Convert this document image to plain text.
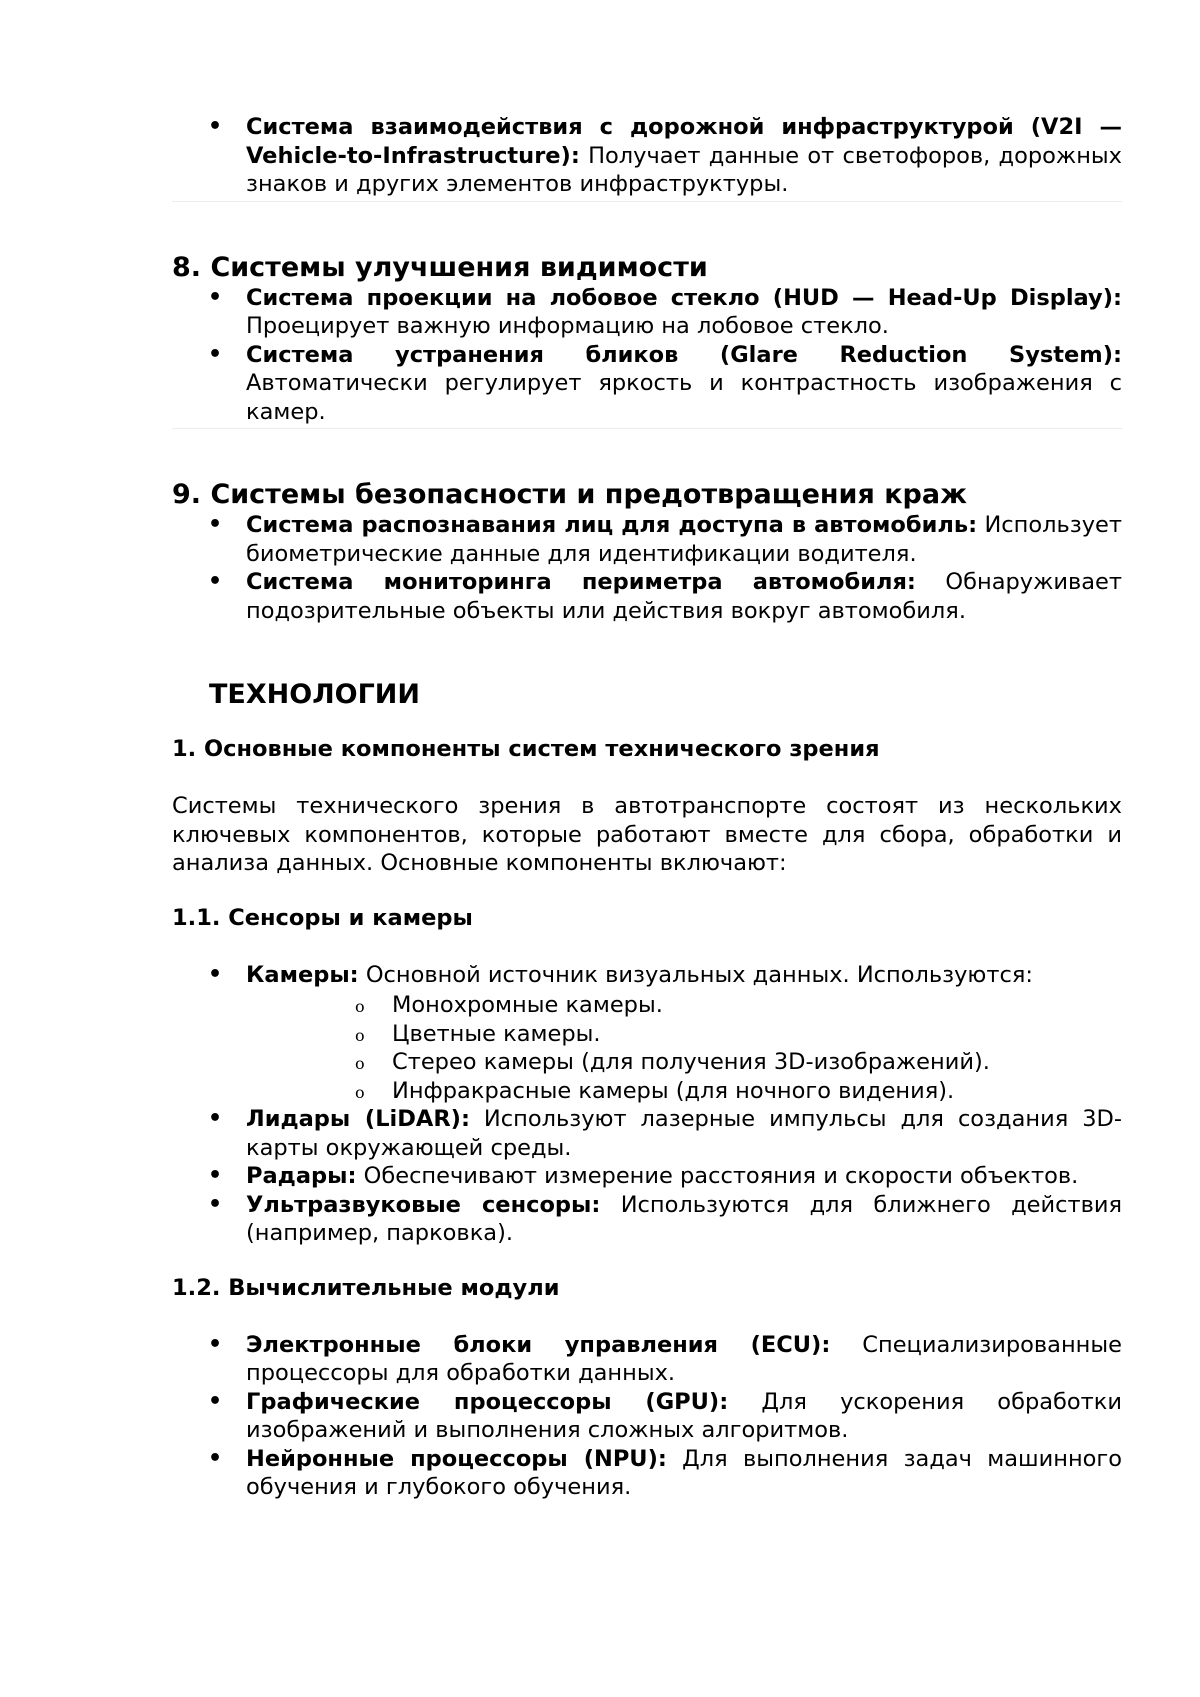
• Система взаимодействия с дорожной инфраструктурой (V2I — Vehicle-to-Infrastructure): Получает данные от светофоров, дорожных знаков и других элементов инфраструктуры.
8. Системы улучшения видимости
• Система проекции на лобовое стекло (HUD — Head-Up Display): Проецирует важную информацию на лобовое стекло.
• Система устранения бликов (Glare Reduction System): Автоматически регулирует яркость и контрастность изображения с камер.
9. Системы безопасности и предотвращения краж
• Система распознавания лиц для доступа в автомобиль: Использует биометрические данные для идентификации водителя.
• Система мониторинга периметра автомобиля: Обнаруживает подозрительные объекты или действия вокруг автомобиля.
ТЕХНОЛОГИИ
1. Основные компоненты систем технического зрения

Системы технического зрения в автотранспорте состоят из нескольких ключевых компонентов, которые работают вместе для сбора, обработки и анализа данных. Основные компоненты включают:

1.1. Сенсоры и камеры
• Камеры: Основной источник визуальных данных. Используются:
o Монохромные камеры.
o Цветные камеры.
o Стерео камеры (для получения 3D-изображений).
o Инфракрасные камеры (для ночного видения).
• Лидары (LiDAR): Используют лазерные импульсы для создания 3D-карты окружающей среды.
• Радары: Обеспечивают измерение расстояния и скорости объектов.
• Ультразвуковые сенсоры: Используются для ближнего действия (например, парковка).
1.2. Вычислительные модули
• Электронные блоки управления (ECU): Специализированные процессоры для обработки данных.
• Графические процессоры (GPU): Для ускорения обработки изображений и выполнения сложных алгоритмов.
• Нейронные процессоры (NPU): Для выполнения задач машинного обучения и глубокого обучения.
